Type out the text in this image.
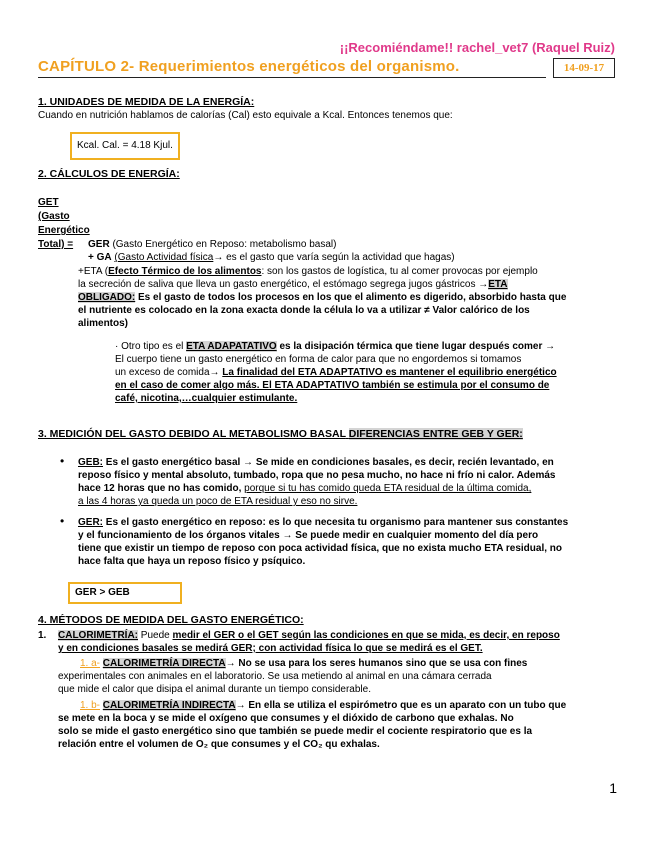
¡¡Recomiéndame!! rachel_vet7 (Raquel Ruiz)
CAPÍTULO 2- Requerimientos energéticos del organismo.	14-09-17
1. UNIDADES DE MEDIDA DE LA ENERGÍA:
Cuando en nutrición hablamos de calorías (Cal) esto equivale a Kcal. Entonces tenemos que:
Kcal. Cal. = 4.18 Kjul.
2. CÁLCULOS DE ENERGÍA:
GET
(Gasto
Energético
Total) =	GER (Gasto Energético en Reposo: metabolismo basal)
+ GA (Gasto Actividad física→ es el gasto que varía según la actividad que hagas)
+ETA (Efecto Térmico de los alimentos: son los gastos de logística, tu al comer provocas por ejemplo
la secreción de saliva que lleva un gasto energético, el estómago segrega jugos gástricos →ETA
OBLIGADO: Es el gasto de todos los procesos en los que el alimento es digerido, absorbido hasta que
el nutriente es colocado en la zona exacta donde la célula lo va a utilizar ≠ Valor calórico de los
alimentos)
· Otro tipo es el ETA ADAPATATIVO es la disipación térmica que tiene lugar después comer →
El cuerpo tiene un gasto energético en forma de calor para que no engordemos si tomamos
un exceso de comida→ La finalidad del ETA ADAPTATIVO es mantener el equilibrio energético
en el caso de comer algo más. El ETA ADAPTATIVO también se estimula por el consumo de
café, nicotina,…cualquier estimulante.
3. MEDICIÓN DEL GASTO DEBIDO AL METABOLISMO BASAL DIFERENCIAS ENTRE GEB Y GER:
• GEB: Es el gasto energético basal → Se mide en condiciones basales, es decir, recién levantado, en
reposo físico y mental absoluto, tumbado, ropa que no pesa mucho, no hace ni frío ni calor. Además
hace 12 horas que no has comido, porque si tu has comido queda ETA residual de la última comida,
a las 4 horas ya queda un poco de ETA residual y eso no sirve.
• GER: Es el gasto energético en reposo: es lo que necesita tu organismo para mantener sus constantes
y el funcionamiento de los órganos vitales → Se puede medir en cualquier momento del día pero
tiene que existir un tiempo de reposo con poca actividad física, que no exista mucho ETA residual, no
hace falta que haya un reposo físico y psíquico.
GER > GEB
4. MÉTODOS DE MEDIDA DEL GASTO ENERGÉTICO:
1. CALORIMETRÍA: Puede medir el GER o el GET según las condiciones en que se mida, es decir, en reposo
y en condiciones basales se medirá GER; con actividad física lo que se medirá es el GET.
1. a- CALORIMETRÍA DIRECTA→ No se usa para los seres humanos sino que se usa con fines
experimentales con animales en el laboratorio. Se usa metiendo al animal en una cámara cerrada
que mide el calor que disipa el animal durante un tiempo considerable.
1. b- CALORIMETRÍA INDIRECTA→ En ella se utiliza el espirómetro que es un aparato con un tubo que
se mete en la boca y se mide el oxígeno que consumes y el dióxido de carbono que exhalas. No
solo se mide el gasto energético sino que también se puede medir el cociente respiratorio que es la
relación entre el volumen de O₂ que consumes y el CO₂ qu exhalas.
1
